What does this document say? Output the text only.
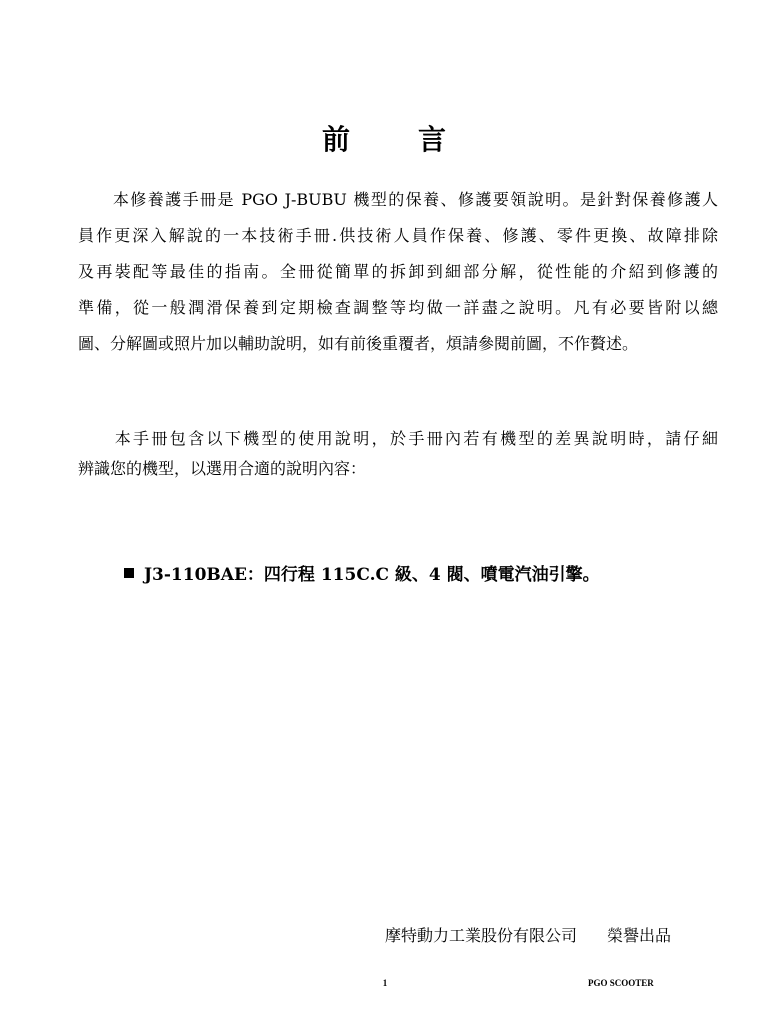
前 言
　　本修養護手冊是 PGO J-BUBU 機型的保養、修護要領說明。是針對保養修護人
員作更深入解說的一本技術手冊.供技術人員作保養、修護、零件更換、故障排除
及再裝配等最佳的指南。全冊從簡單的拆卸到細部分解，從性能的介紹到修護的
準備，從一般潤滑保養到定期檢查調整等均做一詳盡之說明。凡有必要皆附以總
圖、分解圖或照片加以輔助說明，如有前後重覆者，煩請參閱前圖，不作贅述。
　　本手冊包含以下機型的使用說明，於手冊內若有機型的差異說明時，請仔細
辨識您的機型，以選用合適的說明內容：
J3-110BAE：四行程 115C.C 級、4 閥、噴電汽油引擎。
摩特動力工業股份有限公司 榮譽出品
1	PGO SCOOTER
